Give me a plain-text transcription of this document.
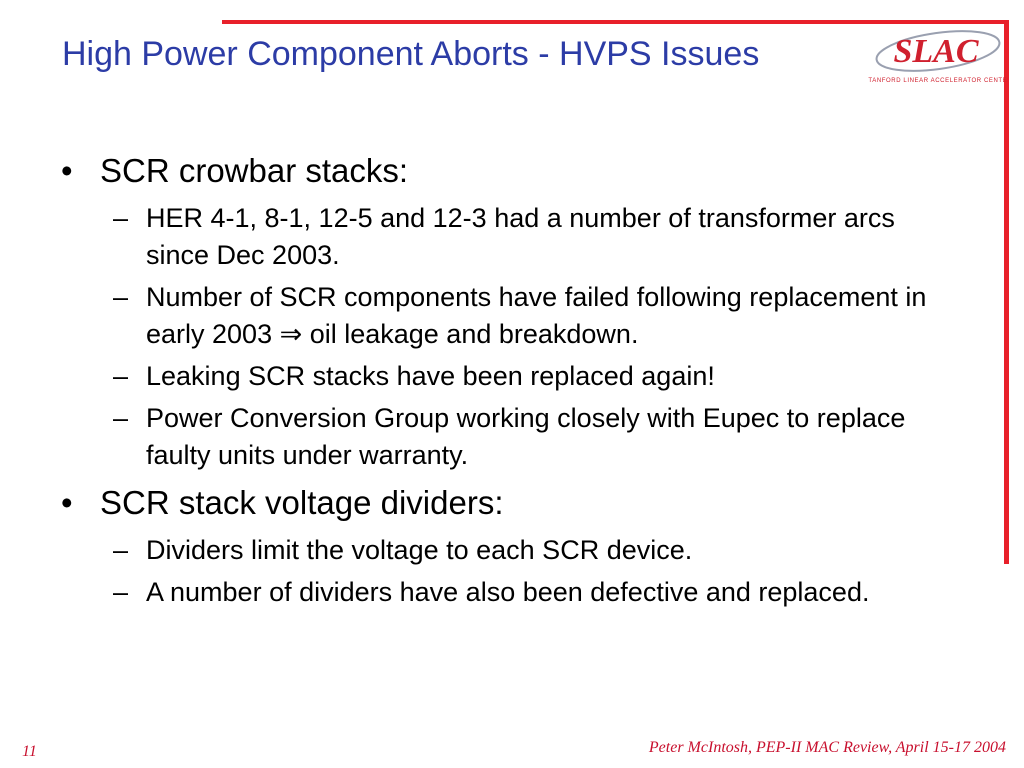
High Power Component Aborts - HVPS Issues	SLAC
STANFORD LINEAR ACCELERATOR CENTER
• SCR crowbar stacks:
– HER 4-1, 8-1, 12-5 and 12-3 had a number of transformer arcs since Dec 2003.
– Number of SCR components have failed following replacement in early 2003 ⇒ oil leakage and breakdown.
– Leaking SCR stacks have been replaced again!
– Power Conversion Group working closely with Eupec to replace faulty units under warranty.
• SCR stack voltage dividers:
– Dividers limit the voltage to each SCR device.
– A number of dividers have also been defective and replaced.
11	Peter McIntosh, PEP-II MAC Review, April 15-17 2004
